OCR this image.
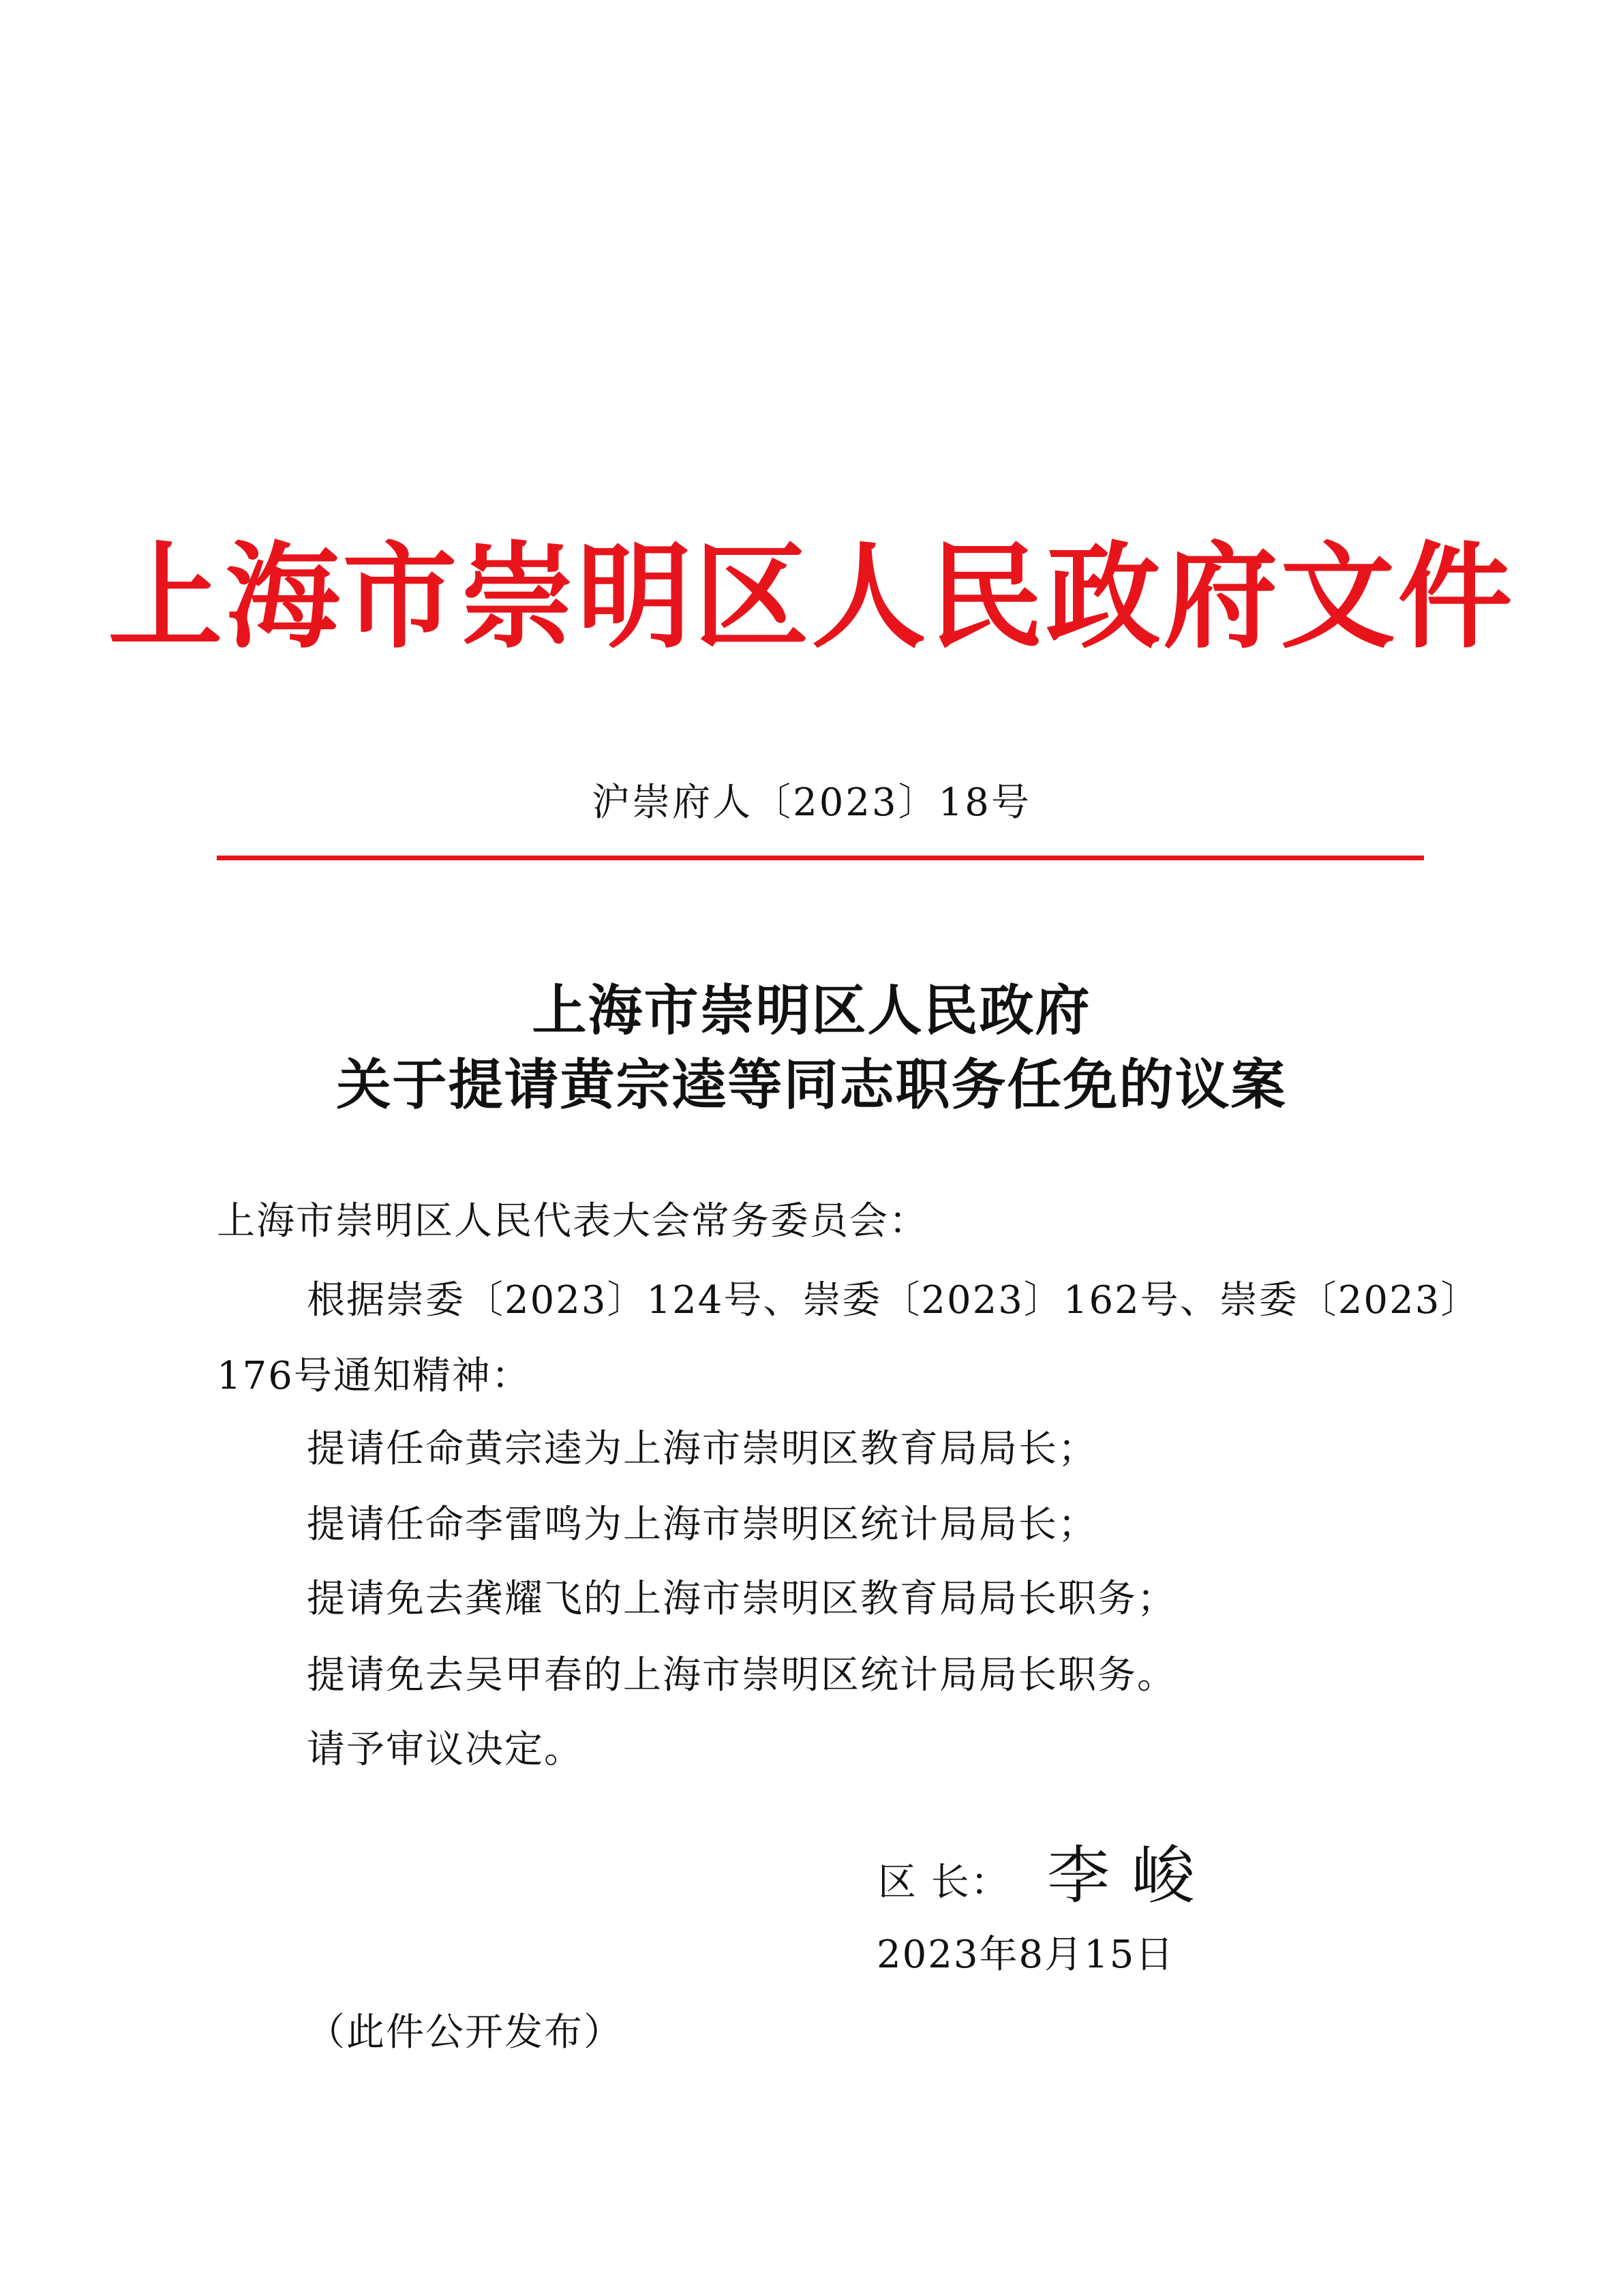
上海市崇明区人民政府文件
沪崇府人〔2023〕18号
上海市崇明区人民政府
关于提请黄宗逵等同志职务任免的议案
上海市崇明区人民代表大会常务委员会：
根据崇委〔2023〕124号、崇委〔2023〕162号、崇委〔2023〕
176号通知精神：
提请任命黄宗逵为上海市崇明区教育局局长；
提请任命李雷鸣为上海市崇明区统计局局长；
提请免去龚耀飞的上海市崇明区教育局局长职务；
提请免去吴甲春的上海市崇明区统计局局长职务。
请予审议决定。
区 长： 李峻
2023年8月15日
（此件公开发布）
